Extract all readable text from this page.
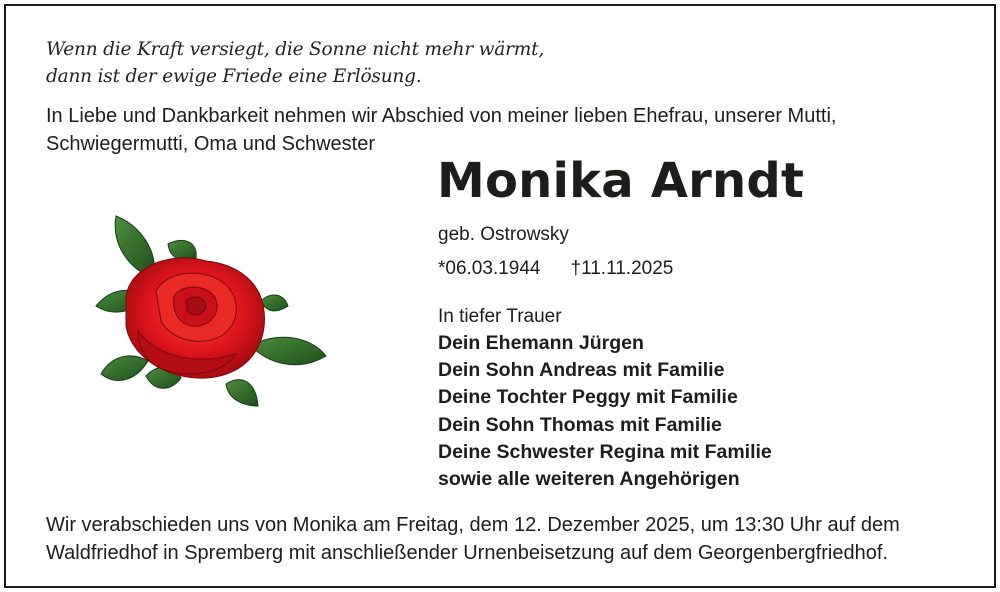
Wenn die Kraft versiegt, die Sonne nicht mehr wärmt,
dann ist der ewige Friede eine Erlösung.
In Liebe und Dankbarkeit nehmen wir Abschied von meiner lieben Ehefrau, unserer Mutti,
Schwiegermutti, Oma und Schwester
Monika Arndt
geb. Ostrowsky
*06.03.1944 †11.11.2025
In tiefer Trauer
Dein Ehemann Jürgen
Dein Sohn Andreas mit Familie
Deine Tochter Peggy mit Familie
Dein Sohn Thomas mit Familie
Deine Schwester Regina mit Familie
sowie alle weiteren Angehörigen
Wir verabschieden uns von Monika am Freitag, dem 12. Dezember 2025, um 13:30 Uhr auf dem
Waldfriedhof in Spremberg mit anschließender Urnenbeisetzung auf dem Georgenbergfriedhof.
